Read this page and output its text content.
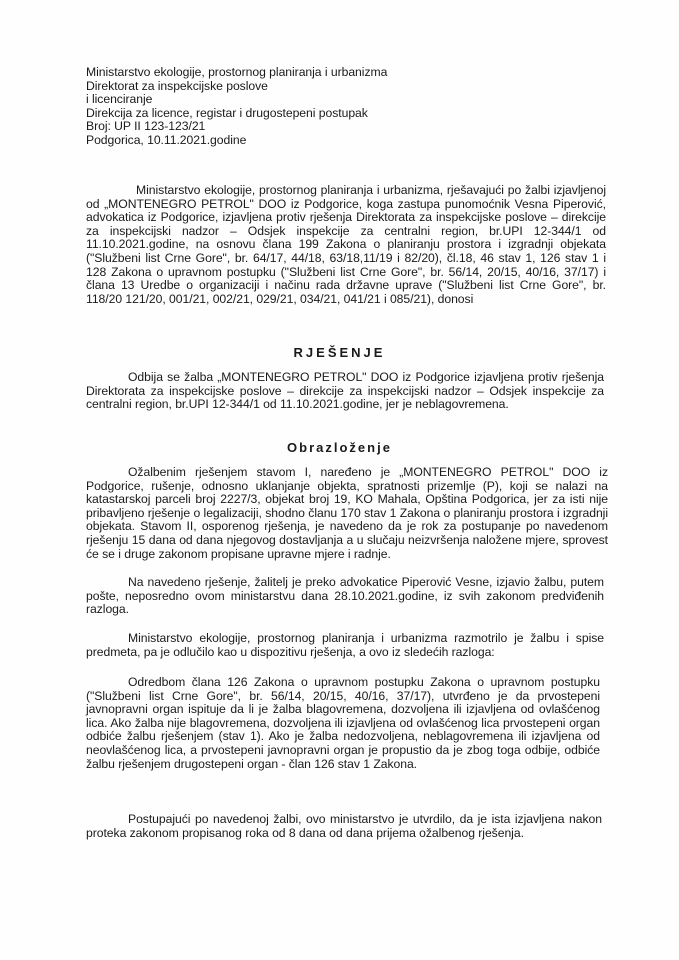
Ministarstvo ekologije, prostornog planiranja i urbanizma
Direktorat za inspekcijske poslove
i licenciranje
Direkcija za licence, registar i drugostepeni postupak
Broj: UP II 123-123/21
Podgorica, 10.11.2021.godine
Ministarstvo ekologije, prostornog planiranja i urbanizma, rješavajući po žalbi izjavljenoj od „MONTENEGRO PETROL" DOO iz Podgorice, koga zastupa punomoćnik Vesna Piperović, advokatica iz Podgorice, izjavljena protiv rješenja Direktorata za inspekcijske poslove – direkcije za inspekcijski nadzor – Odsjek inspekcije za centralni region, br.UPI 12-344/1 od 11.10.2021.godine, na osnovu člana 199 Zakona o planiranju prostora i izgradnji objekata ("Službeni list Crne Gore", br. 64/17, 44/18, 63/18,11/19 i 82/20), čl.18, 46 stav 1, 126 stav 1 i 128 Zakona o upravnom postupku ("Službeni list Crne Gore", br. 56/14, 20/15, 40/16, 37/17) i člana 13 Uredbe o organizaciji i načinu rada državne uprave ("Službeni list Crne Gore", br. 118/20 121/20, 001/21, 002/21, 029/21, 034/21, 041/21 i 085/21), donosi
RJEŠENJE
Odbija se žalba „MONTENEGRO PETROL" DOO iz Podgorice izjavljena protiv rješenja Direktorata za inspekcijske poslove – direkcije za inspekcijski nadzor – Odsjek inspekcije za centralni region, br.UPI 12-344/1 od 11.10.2021.godine, jer je neblagovremena.
Obrazloženje
Ožalbenim rješenjem stavom I, naređeno je „MONTENEGRO PETROL" DOO iz Podgorice, rušenje, odnosno uklanjanje objekta, spratnosti prizemlje (P), koji se nalazi na katastarskoj parceli broj 2227/3, objekat broj 19, KO Mahala, Opština Podgorica, jer za isti nije pribavljeno rješenje o legalizaciji, shodno članu 170 stav 1 Zakona o planiranju prostora i izgradnji objekata. Stavom II, osporenog rješenja, je navedeno da je rok za postupanje po navedenom rješenju 15 dana od dana njegovog dostavljanja a u slučaju neizvršenja naložene mjere, sprovest će se i druge zakonom propisane upravne mjere i radnje.
Na navedeno rješenje, žalitelj je preko advokatice Piperović Vesne, izjavio žalbu, putem pošte, neposredno ovom ministarstvu dana 28.10.2021.godine, iz svih zakonom predviđenih razloga.
Ministarstvo ekologije, prostornog planiranja i urbanizma razmotrilo je žalbu i spise predmeta, pa je odlučilo kao u dispozitivu rješenja, a ovo iz sledećih razloga:
Odredbom člana 126 Zakona o upravnom postupku Zakona o upravnom postupku ("Službeni list Crne Gore", br. 56/14, 20/15, 40/16, 37/17), utvrđeno je da prvostepeni javnopravni organ ispituje da li je žalba blagovremena, dozvoljena ili izjavljena od ovlašćenog lica. Ako žalba nije blagovremena, dozvoljena ili izjavljena od ovlašćenog lica prvostepeni organ odbiće žalbu rješenjem (stav 1). Ako je žalba nedozvoljena, neblagovremena ili izjavljena od neovlašćenog lica, a prvostepeni javnopravni organ je propustio da je zbog toga odbije, odbiće žalbu rješenjem drugostepeni organ - član 126 stav 1 Zakona.
Postupajući po navedenoj žalbi, ovo ministarstvo je utvrdilo, da je ista izjavljena nakon proteka zakonom propisanog roka od 8 dana od dana prijema ožalbenog rješenja.
